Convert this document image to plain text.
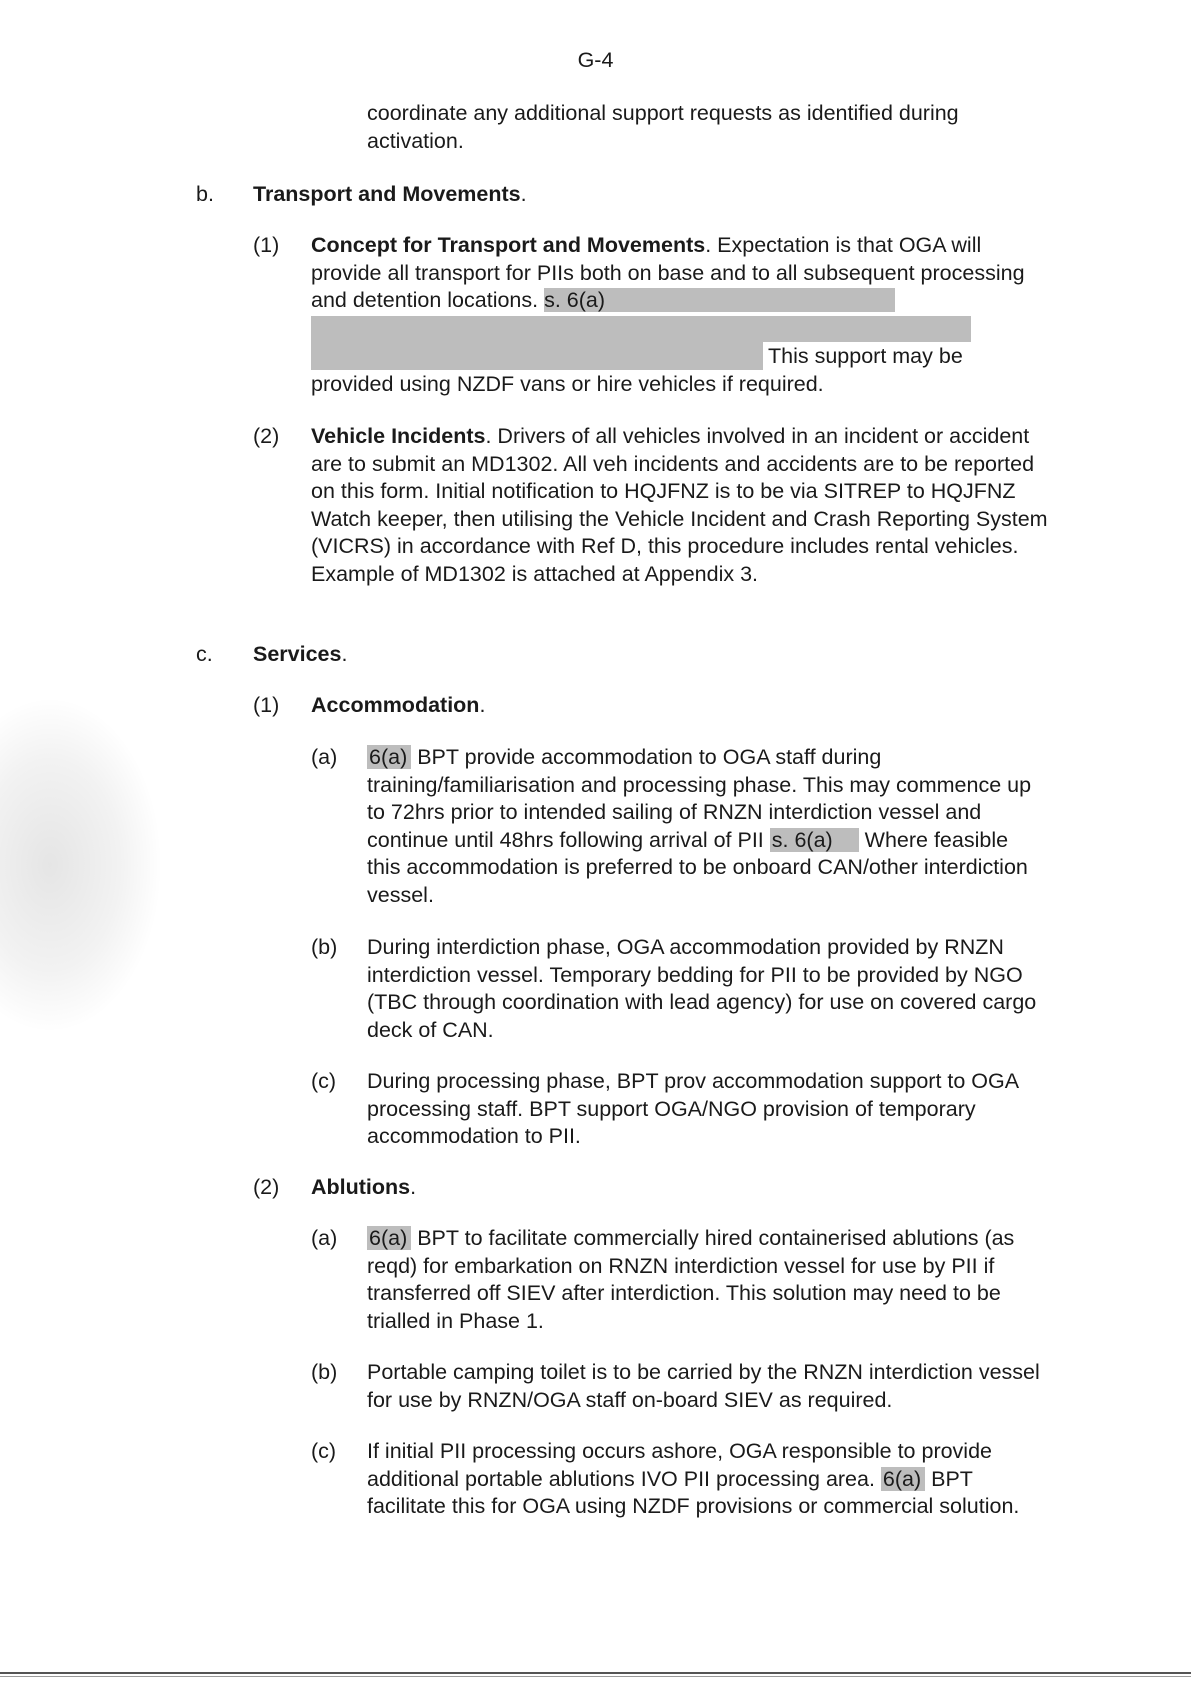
G-4
coordinate any additional support requests as identified during activation.
b. Transport and Movements.
(1) Concept for Transport and Movements. Expectation is that OGA will provide all transport for PIIs both on base and to all subsequent processing and detention locations. s. 6(a)
This support may be provided using NZDF vans or hire vehicles if required.
(2) Vehicle Incidents. Drivers of all vehicles involved in an incident or accident are to submit an MD1302. All veh incidents and accidents are to be reported on this form. Initial notification to HQJFNZ is to be via SITREP to HQJFNZ Watch keeper, then utilising the Vehicle Incident and Crash Reporting System (VICRS) in accordance with Ref D, this procedure includes rental vehicles. Example of MD1302 is attached at Appendix 3.
c. Services.
(1) Accommodation.
(a) 6(a) BPT provide accommodation to OGA staff during training/familiarisation and processing phase. This may commence up to 72hrs prior to intended sailing of RNZN interdiction vessel and continue until 48hrs following arrival of PII s. 6(a) Where feasible this accommodation is preferred to be onboard CAN/other interdiction vessel.
(b) During interdiction phase, OGA accommodation provided by RNZN interdiction vessel. Temporary bedding for PII to be provided by NGO (TBC through coordination with lead agency) for use on covered cargo deck of CAN.
(c) During processing phase, BPT prov accommodation support to OGA processing staff. BPT support OGA/NGO provision of temporary accommodation to PII.
(2) Ablutions.
(a) 6(a) BPT to facilitate commercially hired containerised ablutions (as reqd) for embarkation on RNZN interdiction vessel for use by PII if transferred off SIEV after interdiction. This solution may need to be trialled in Phase 1.
(b) Portable camping toilet is to be carried by the RNZN interdiction vessel for use by RNZN/OGA staff on-board SIEV as required.
(c) If initial PII processing occurs ashore, OGA responsible to provide additional portable ablutions IVO PII processing area. 6(a) BPT facilitate this for OGA using NZDF provisions or commercial solution.
